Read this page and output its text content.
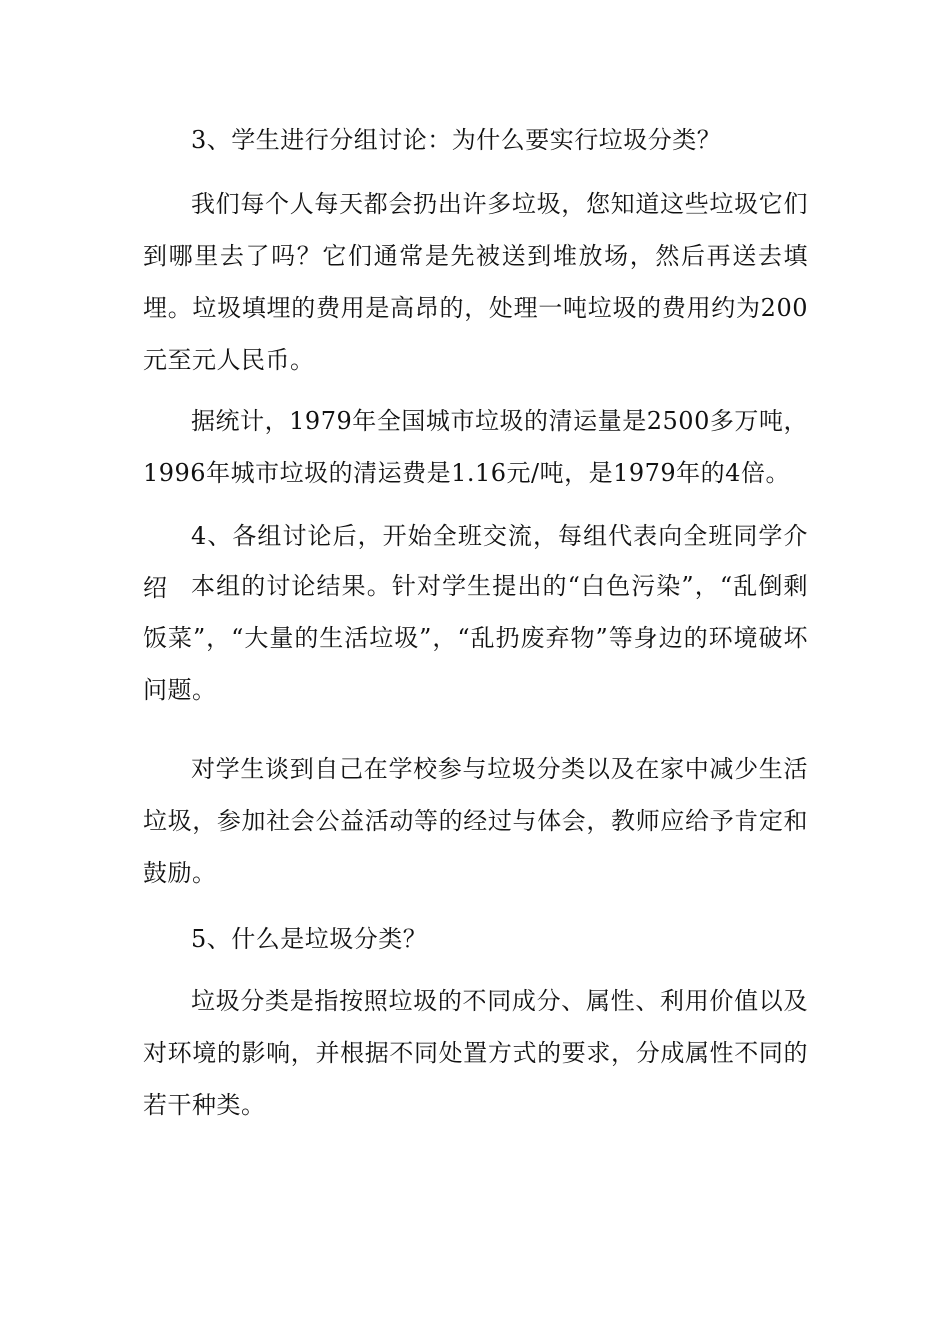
3、学生进行分组讨论：为什么要实行垃圾分类？

我们每个人每天都会扔出许多垃圾，您知道这些垃圾它们到哪里去了吗？它们通常是先被送到堆放场，然后再送去填埋。垃圾填埋的费用是高昂的，处理一吨垃圾的费用约为200元至元人民币。

据统计，1979年全国城市垃圾的清运量是2500多万吨，1996年城市垃圾的清运费是1.16元/吨，是1979年的4倍。

4、各组讨论后，开始全班交流，每组代表向全班同学介绍 本组的讨论结果。针对学生提出的“白色污染”，“乱倒剩饭菜”，“大量的生活垃圾”，“乱扔废弃物”等身边的环境破坏问题。

对学生谈到自己在学校参与垃圾分类以及在家中减少生活垃圾，参加社会公益活动等的经过与体会，教师应给予肯定和鼓励。

5、什么是垃圾分类？

垃圾分类是指按照垃圾的不同成分、属性、利用价值以及对环境的影响，并根据不同处置方式的要求，分成属性不同的若干种类。
